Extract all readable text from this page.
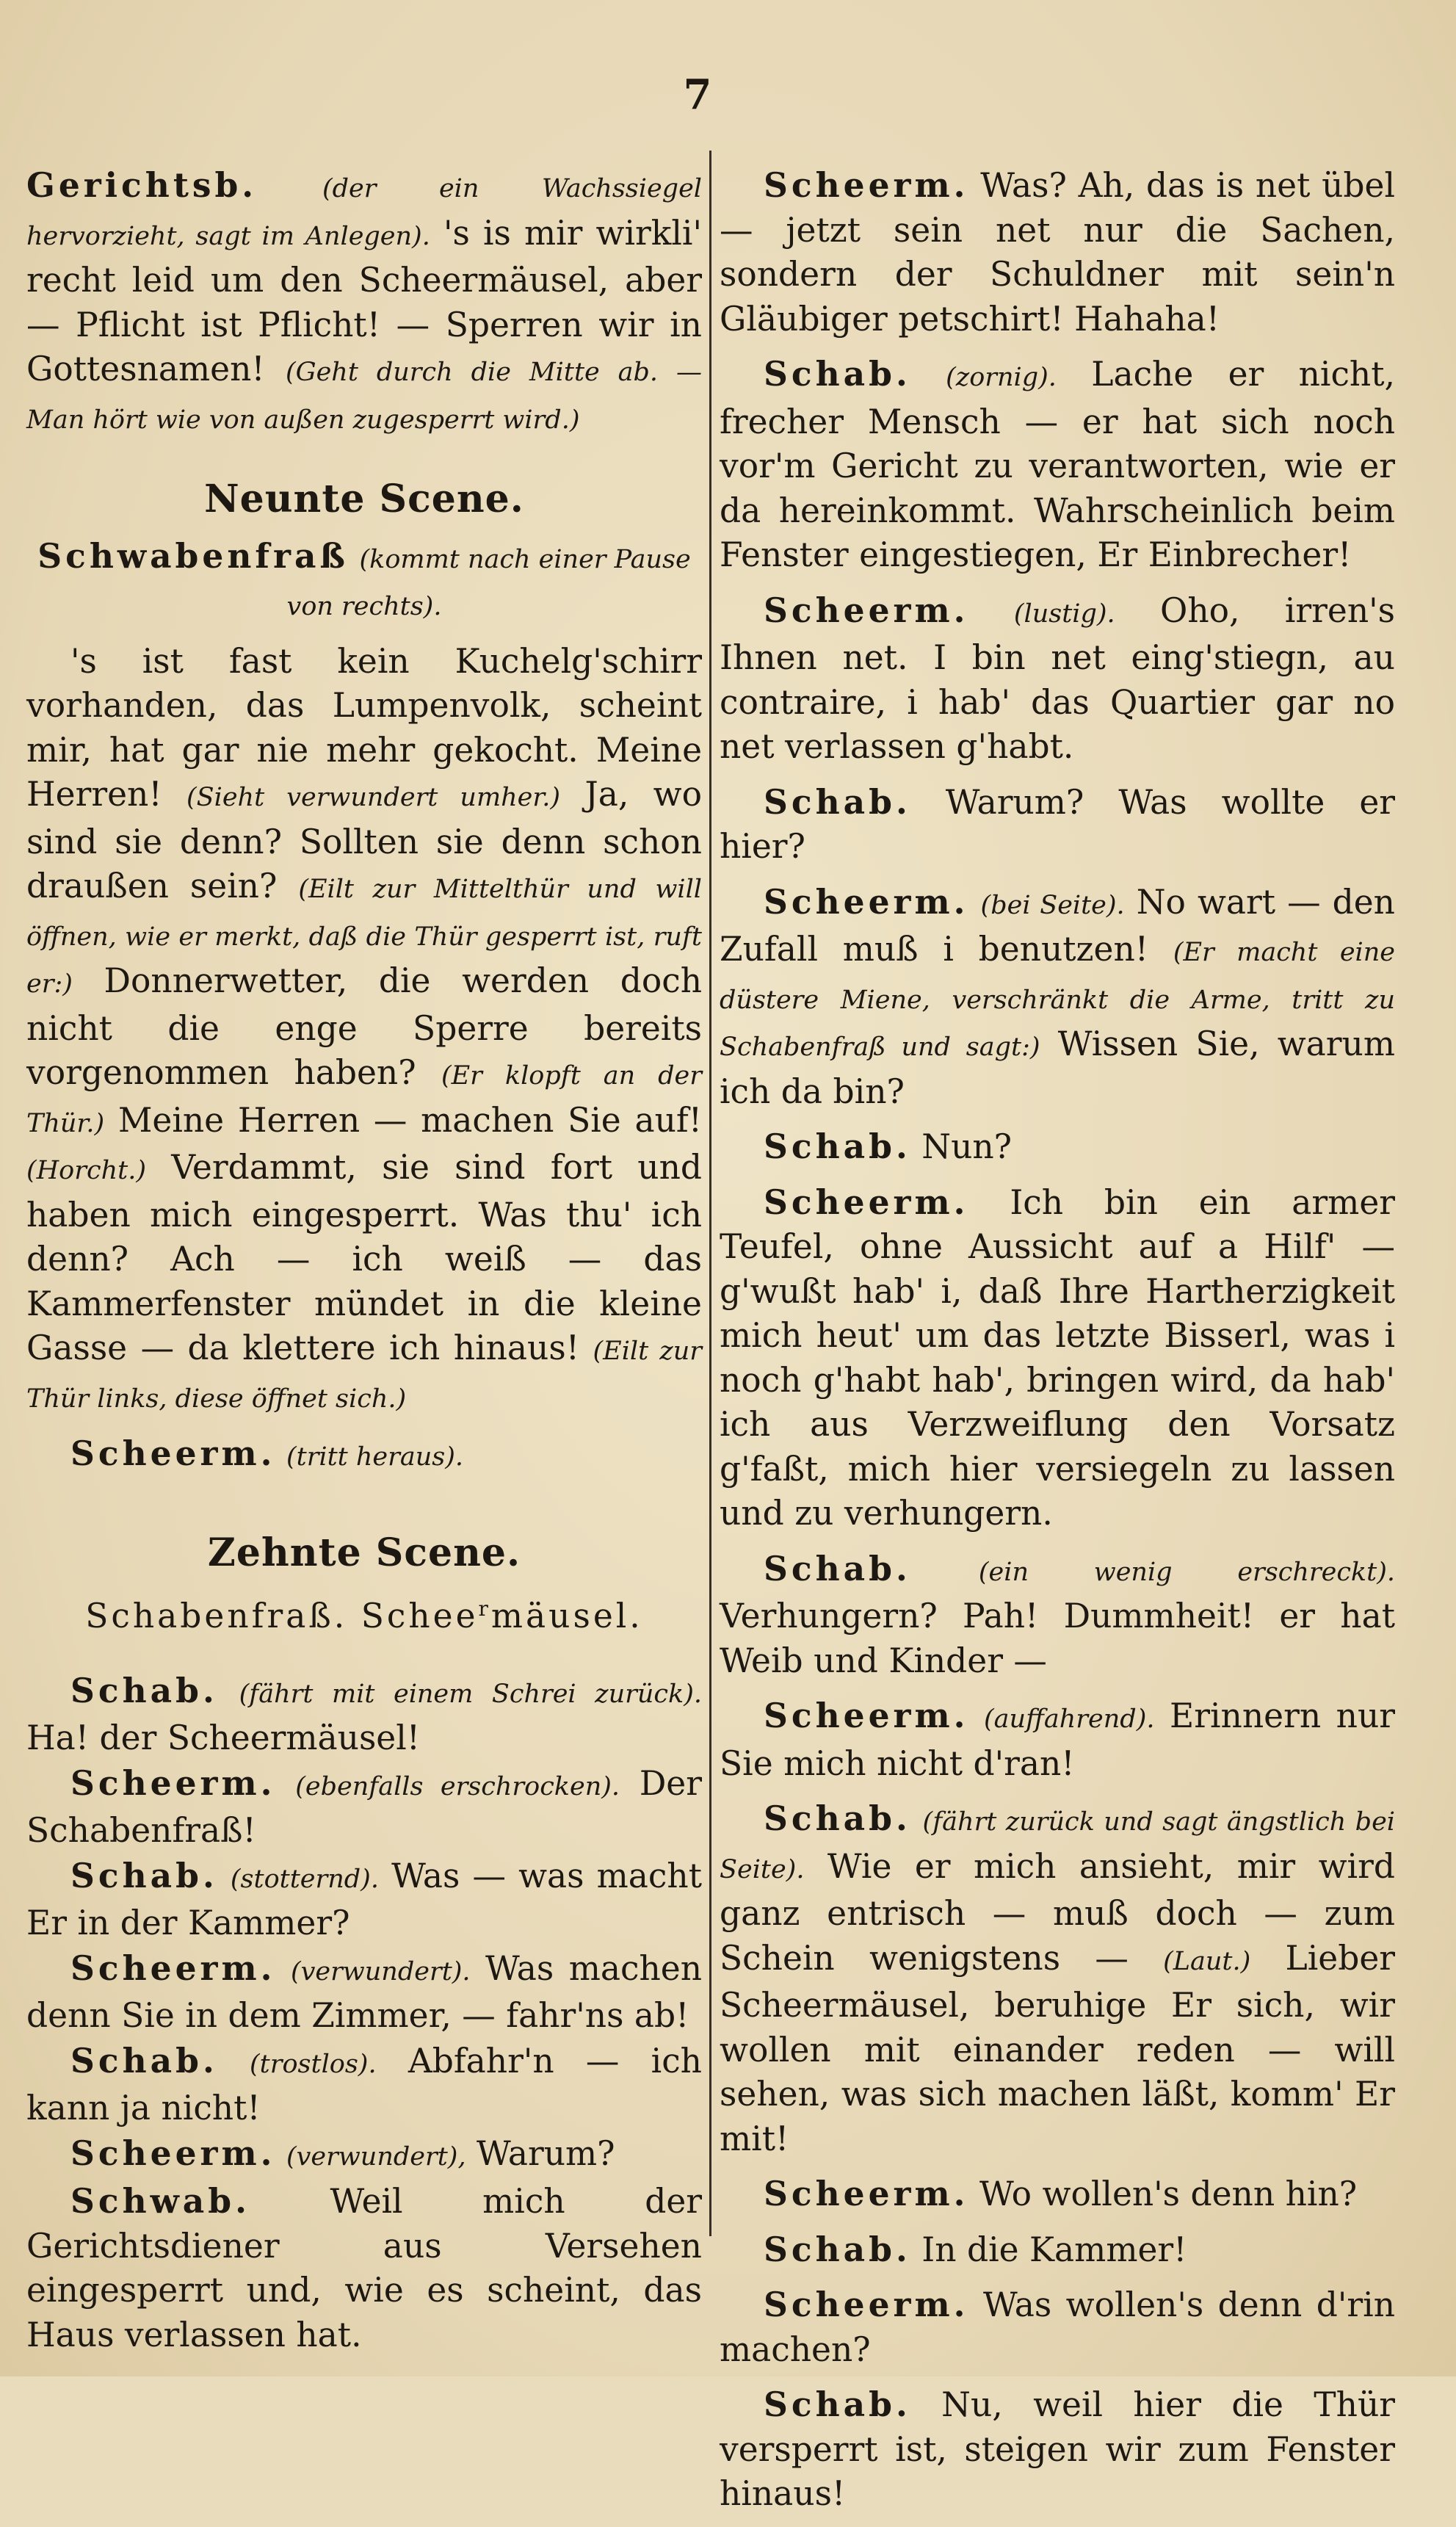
7

Gerichtsb.	(der ein Wachssiegel hervorzieht, sagt im Anlegen). 's is mir wirkli' recht leid um den Scheermäusel, aber — Pflicht ist Pflicht! — Sperren wir in Gottesnamen! (Geht durch die Mitte ab. — Man hört wie von außen zugesperrt wird.)

Neunte Scene.

Schwabenfraß (kommt nach einer Pause von rechts).

's ist fast kein Kuchelg'schirr vorhanden, das Lumpenvolk, scheint mir, hat gar nie mehr gekocht. Meine Herren! (Sieht verwundert umher.) Ja, wo sind sie denn? Sollten sie denn schon draußen sein? (Eilt zur Mittelthür und will öffnen, wie er merkt, daß die Thür gesperrt ist, ruft er:) Donnerwetter, die werden doch nicht die enge Sperre bereits vorgenommen haben? (Er klopft an der Thür.) Meine Herren — machen Sie auf! (Horcht.) Verdammt, sie sind fort und haben mich eingesperrt. Was thu' ich denn? Ach — ich weiß — das Kammerfenster mündet in die kleine Gasse — da klettere ich hinaus! (Eilt zur Thür links, diese öffnet sich.)

Scheerm. (tritt heraus).

Zehnte Scene.
Schabenfraß. Schee$^r$mäusel.

Schab. (fährt mit einem Schrei zurück). Ha! der Scheermäusel!

Scheerm. (ebenfalls erschrocken). Der Schabenfraß!

Schab. (stotternd). Was — was macht Er in der Kammer?

Scheerm. (verwundert). Was machen denn Sie in dem Zimmer, — fahr'ns ab!

Schab. (trostlos). Abfahr'n — ich kann ja nicht!

Scheerm. (verwundert), Warum?

Schwab. Weil mich der Gerichtsdiener aus Versehen eingesperrt und, wie es scheint, das Haus verlassen hat.

Scheerm. Was? Ah, das is net übel — jetzt sein net nur die Sachen, sondern der Schuldner mit sein'n Gläubiger petschirt! Hahaha!

Schab. (zornig). Lache er nicht, frecher Mensch — er hat sich noch vor'm Gericht zu verantworten, wie er da hereinkommt. Wahrscheinlich beim Fenster eingestiegen, Er Einbrecher!

Scheerm. (lustig). Oho, irren's Ihnen net. I bin net eing'stiegn, au contraire, i hab' das Quartier gar no net verlassen g'habt.

Schab. Warum? Was wollte er hier?

Scheerm. (bei Seite). No wart — den Zufall muß i benutzen! (Er macht eine düstere Miene, verschränkt die Arme, tritt zu Schabenfraß und sagt:) Wissen Sie, warum ich da bin?

Schab. Nun?

Scheerm. Ich bin ein armer Teufel, ohne Aussicht auf a Hilf' — g'wußt hab' i, daß Ihre Hartherzigkeit mich heut' um das letzte Bisserl, was i noch g'habt hab', bringen wird, da hab' ich aus Verzweiflung den Vorsatz g'faßt, mich hier versiegeln zu lassen und zu verhungern.

Schab.	(ein wenig erschreckt). Verhungern? Pah! Dummheit! er hat Weib und Kinder —

Scheerm. (auffahrend). Erinnern nur Sie mich nicht d'ran!

Schab. (fährt zurück und sagt ängstlich bei Seite). Wie er mich ansieht, mir wird ganz entrisch — muß doch — zum Schein wenigstens — (Laut.) Lieber Scheermäusel, beruhige Er sich, wir wollen mit einander reden — will sehen, was sich machen läßt, komm' Er mit!

Scheerm. Wo wollen's denn hin?

Schab. In die Kammer!

Scheerm. Was wollen's denn d'rin machen?

Schab. Nu, weil hier die Thür versperrt ist, steigen wir zum Fenster hinaus!
